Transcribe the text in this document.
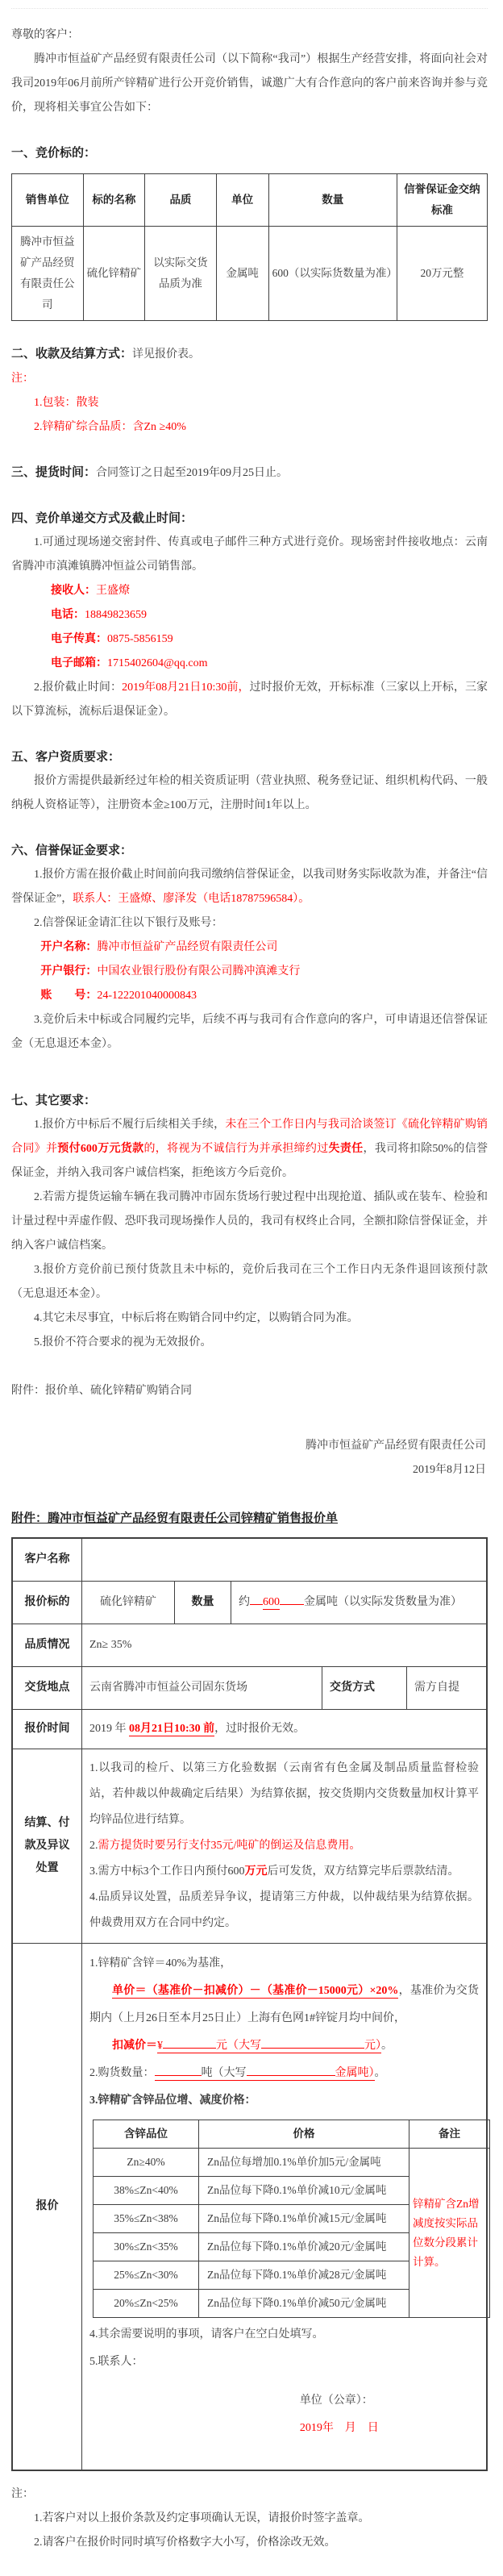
尊敬的客户：

腾冲市恒益矿产品经贸有限责任公司（以下简称“我司”）根据生产经营安排，将面向社会对我司2019年06月前所产锌精矿进行公开竞价销售，诚邀广大有合作意向的客户前来咨询并参与竞价，现将相关事宜公告如下：

一、竞价标的：

销售单位	标的名称	品质	单位	数量	信誉保证金交纳标准
腾冲市恒益矿产品经贸有限责任公司	硫化锌精矿	以实际交货品质为准	金属吨	600（以实际货数量为准）	20万元整

二、收款及结算方式：详见报价表。

注：

1.包装：散装

2.锌精矿综合品质：含Zn ≥40%

三、提货时间：合同签订之日起至2019年09月25日止。

四、竞价单递交方式及截止时间：

1.可通过现场递交密封件、传真或电子邮件三种方式进行竞价。现场密封件接收地点：云南省腾冲市滇滩镇腾冲恒益公司销售部。

接收人：王盛燎

电话：18849823659

电子传真：0875-5856159

电子邮箱：1715402604@qq.com

2.报价截止时间：2019年08月21日10:30前，过时报价无效，开标标准（三家以上开标，三家以下算流标，流标后退保证金）。

五、客户资质要求：

报价方需提供最新经过年检的相关资质证明（营业执照、税务登记证、组织机构代码、一般纳税人资格证等），注册资本金≥100万元，注册时间1年以上。

六、信誉保证金要求：

1.报价方需在报价截止时间前向我司缴纳信誉保证金，以我司财务实际收款为准，并备注“信誉保证金”，联系人：王盛燎、廖泽发（电话18787596584）。

2.信誉保证金请汇往以下银行及账号：

开户名称：腾冲市恒益矿产品经贸有限责任公司

开户银行：中国农业银行股份有限公司腾冲滇滩支行

账　　号：24-122201040000843

3.竞价后未中标或合同履约完毕，后续不再与我司有合作意向的客户，可申请退还信誉保证金（无息退还本金）。

七、其它要求：

1.报价方中标后不履行后续相关手续，未在三个工作日内与我司洽谈签订《硫化锌精矿购销合同》并预付600万元货款的，将视为不诚信行为并承担缔约过失责任，我司将扣除50%的信誉保证金，并纳入我司客户诚信档案，拒绝该方今后竞价。

2.若需方提货运输车辆在我司腾冲市固东货场行驶过程中出现抢道、插队或在装车、检验和计量过程中弄虚作假、恐吓我司现场操作人员的，我司有权终止合同，全额扣除信誉保证金，并纳入客户诚信档案。

3.报价方竞价前已预付货款且未中标的，竞价后我司在三个工作日内无条件退回该预付款（无息退还本金）。

4.其它未尽事宜，中标后将在购销合同中约定，以购销合同为准。

5.报价不符合要求的视为无效报价。

附件：报价单、硫化锌精矿购销合同

腾冲市恒益矿产品经贸有限责任公司

2019年8月12日

附件：腾冲市恒益矿产品经贸有限责任公司锌精矿销售报价单

客户名称
报价标的	硫化锌精矿	数量	约 600 金属吨（以实际发货数量为准）
品质情况	Zn≥ 35%
交货地点	云南省腾冲市恒益公司固东货场	交货方式	需方自提
报价时间	2019 年 08月21日10:30 前，过时报价无效。
结算、付款及异议处置

1.以我司的检斤、以第三方化验数据（云南省有色金属及制品质量监督检验站，若仲裁以仲裁确定后结果）为结算依据，按交货期内交货数量加权计算平均锌品位进行结算。

2.需方提货时要另行支付35元/吨矿的倒运及信息费用。

3.需方中标3个工作日内预付600万元后可发货，双方结算完毕后票款结清。

4.品质异议处置，品质差异争议，提请第三方仲裁，以仲裁结果为结算依据。仲裁费用双方在合同中约定。

报价

1.锌精矿含锌＝40%为基准，

单价＝（基准价－扣减价）－（基准价－15000元）×20%，基准价为交货期内（上月26日至本月25日止）上海有色网1#锌锭月均中间价，

扣减价＝¥	元（大写	元）。

2.购货数量：	吨（大写	金属吨）。

3.锌精矿含锌品位增、减度价格：

含锌品位	价格	备注
Zn≥40%	Zn品位每增加0.1%单价加5元/金属吨	锌精矿含Zn增减度按实际品位数分段累计计算。
38%≤Zn<40%	Zn品位每下降0.1%单价减10元/金属吨	
35%≤Zn<38%	Zn品位每下降0.1%单价减15元/金属吨	
30%≤Zn<35%	Zn品位每下降0.1%单价减20元/金属吨	
25%≤Zn<30%	Zn品位每下降0.1%单价减28元/金属吨	
20%≤Zn<25%	Zn品位每下降0.1%单价减50元/金属吨	

4.其余需要说明的事项，请客户在空白处填写。

5.联系人：

单位（公章）：

2019年　月　日

注：

1.若客户对以上报价条款及约定事项确认无误，请报价时签字盖章。

2.请客户在报价时同时填写价格数字大小写，价格涂改无效。
